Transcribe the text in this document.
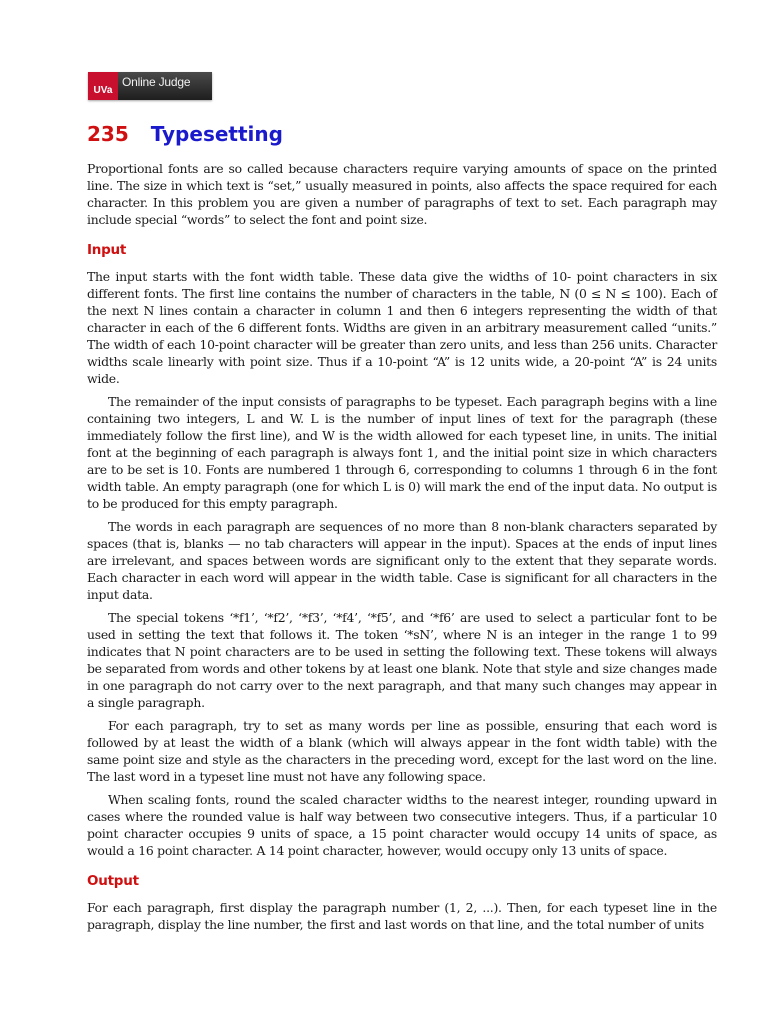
UVa
Online Judge
235 Typesetting

Proportional fonts are so called because characters require varying amounts of space on the printed line. The size in which text is “set,” usually measured in points, also affects the space required for each character. In this problem you are given a number of paragraphs of text to set. Each paragraph may include special “words” to select the font and point size.

Input

The input starts with the font width table. These data give the widths of 10- point characters in six different fonts. The first line contains the number of characters in the table, N (0 ≤ N ≤ 100). Each of the next N lines contain a character in column 1 and then 6 integers representing the width of that character in each of the 6 different fonts. Widths are given in an arbitrary measurement called “units.” The width of each 10-point character will be greater than zero units, and less than 256 units. Character widths scale linearly with point size. Thus if a 10-point “A” is 12 units wide, a 20-point “A” is 24 units wide.

The remainder of the input consists of paragraphs to be typeset. Each paragraph begins with a line containing two integers, L and W. L is the number of input lines of text for the paragraph (these immediately follow the first line), and W is the width allowed for each typeset line, in units. The initial font at the beginning of each paragraph is always font 1, and the initial point size in which characters are to be set is 10. Fonts are numbered 1 through 6, corresponding to columns 1 through 6 in the font width table. An empty paragraph (one for which L is 0) will mark the end of the input data. No output is to be produced for this empty paragraph.

The words in each paragraph are sequences of no more than 8 non-blank characters separated by spaces (that is, blanks — no tab characters will appear in the input). Spaces at the ends of input lines are irrelevant, and spaces between words are significant only to the extent that they separate words. Each character in each word will appear in the width table. Case is significant for all characters in the input data.

The special tokens ‘*f1’, ‘*f2’, ‘*f3’, ‘*f4’, ‘*f5’, and ‘*f6’ are used to select a particular font to be used in setting the text that follows it. The token ‘*sN’, where N is an integer in the range 1 to 99 indicates that N point characters are to be used in setting the following text. These tokens will always be separated from words and other tokens by at least one blank. Note that style and size changes made in one paragraph do not carry over to the next paragraph, and that many such changes may appear in a single paragraph.

For each paragraph, try to set as many words per line as possible, ensuring that each word is followed by at least the width of a blank (which will always appear in the font width table) with the same point size and style as the characters in the preceding word, except for the last word on the line. The last word in a typeset line must not have any following space.

When scaling fonts, round the scaled character widths to the nearest integer, rounding upward in cases where the rounded value is half way between two consecutive integers. Thus, if a particular 10 point character occupies 9 units of space, a 15 point character would occupy 14 units of space, as would a 16 point character. A 14 point character, however, would occupy only 13 units of space.

Output

For each paragraph, first display the paragraph number (1, 2, ...). Then, for each typeset line in the paragraph, display the line number, the first and last words on that line, and the total number of units
